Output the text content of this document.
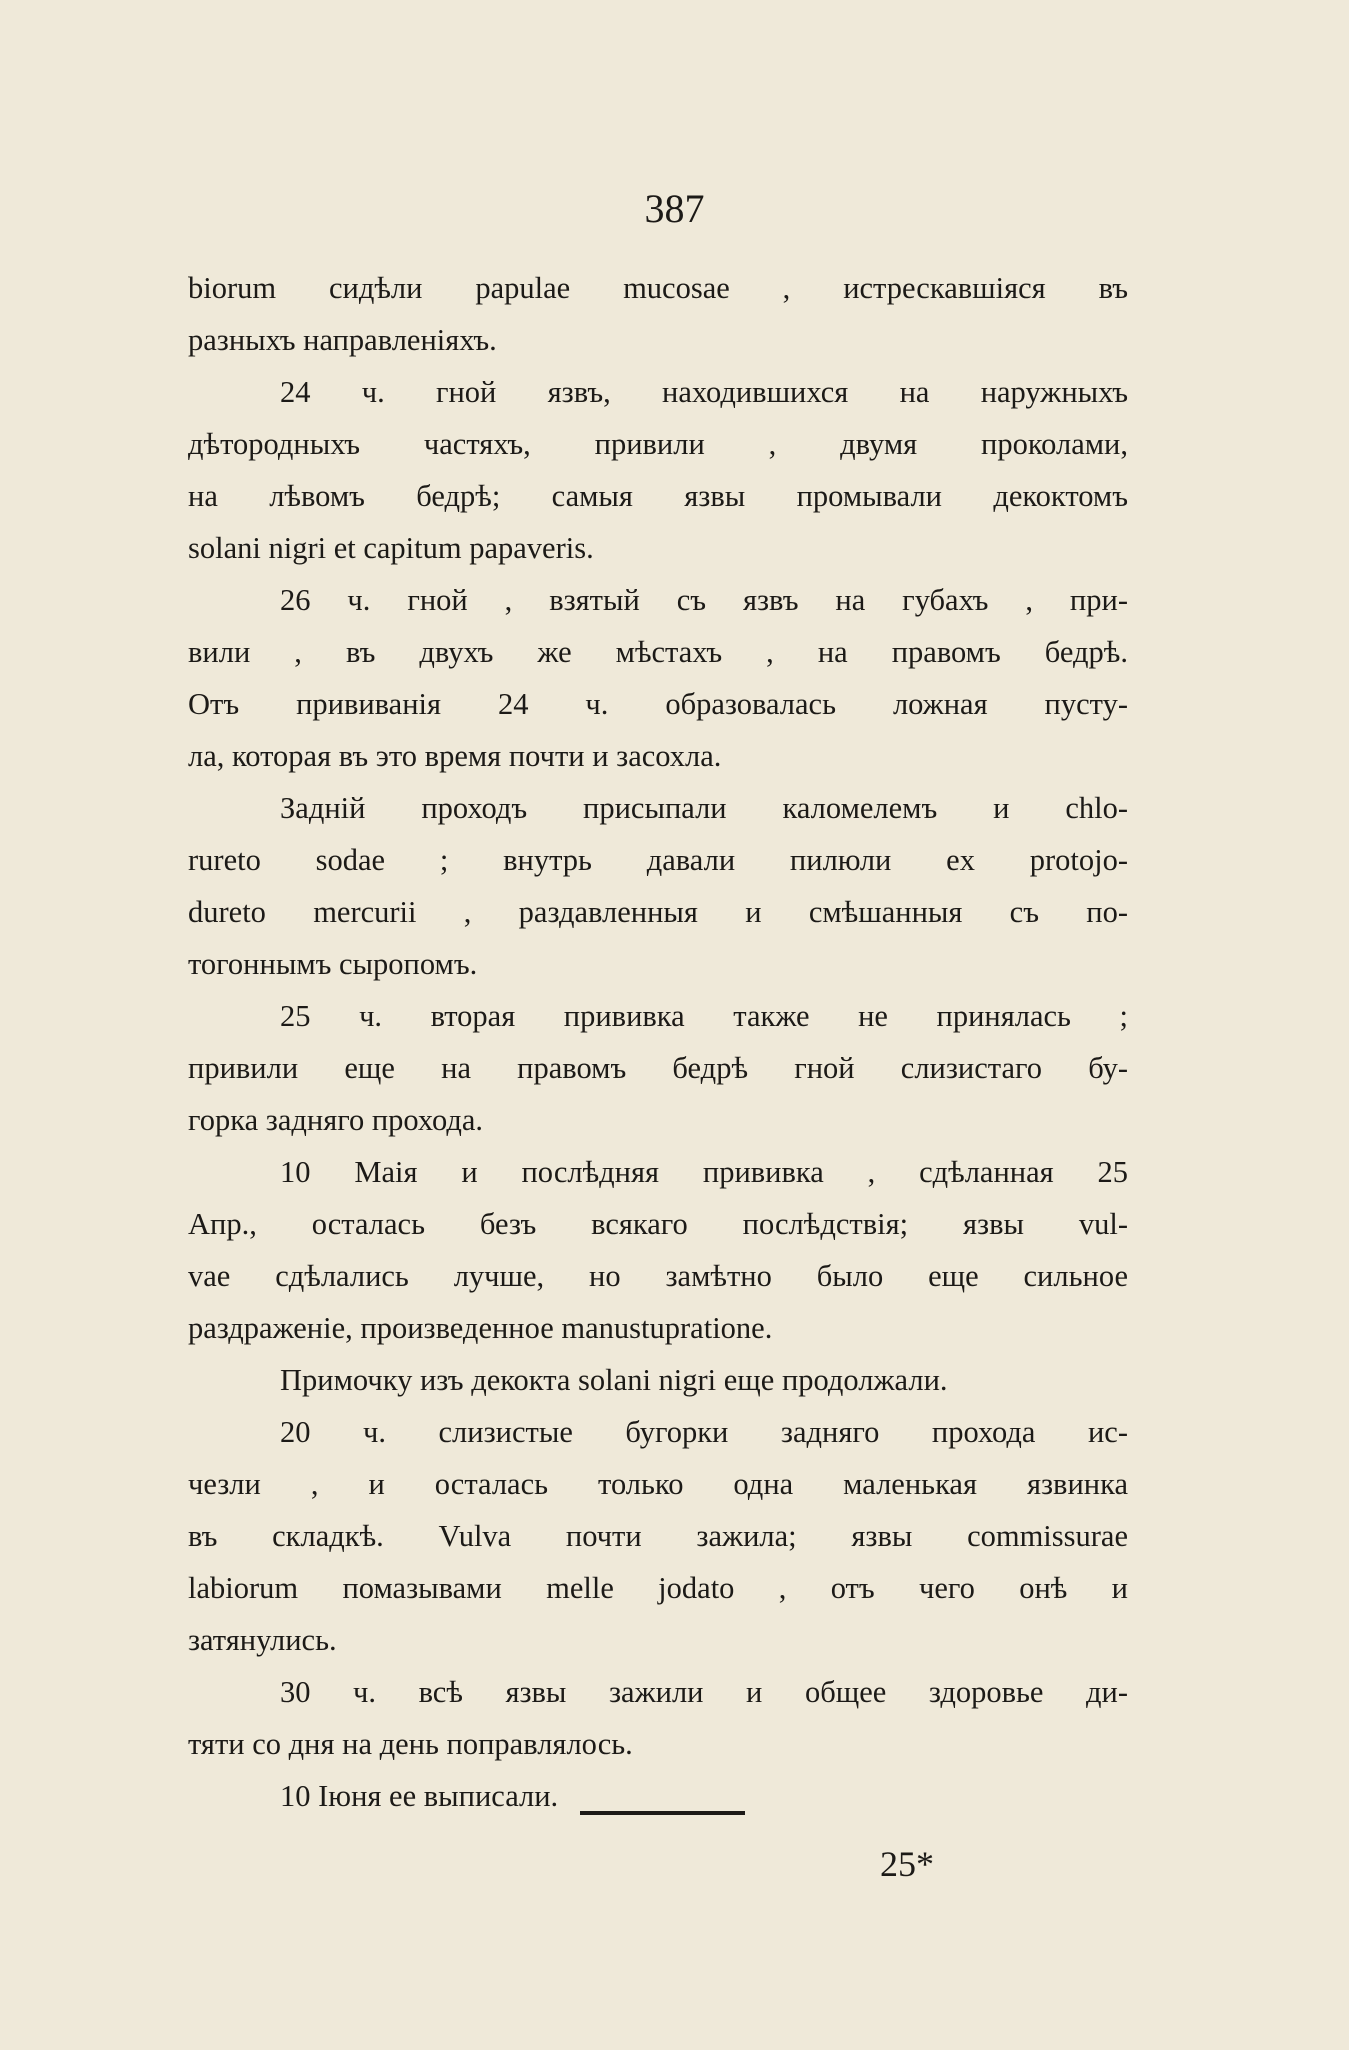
387
biorum сидѣли papulae mucosae , истрескавшіяся въ
разныхъ направленіяхъ.
24 ч. гной язвъ, находившихся на наружныхъ
дѣтородныхъ частяхъ, привили , двумя проколами,
на лѣвомъ бедрѣ; самыя язвы промывали декоктомъ
solani nigri et capitum papaveris.
26 ч. гной , взятый съ язвъ на губахъ , при-
вили , въ двухъ же мѣстахъ , на правомъ бедрѣ.
Отъ прививанія 24 ч. образовалась ложная пусту-
ла, которая въ это время почти и засохла.
Задній проходъ присыпали каломелемъ и chlo-
rureto sodae ; внутрь давали пилюли ex protojo-
dureto mercurii , раздавленныя и смѣшанныя съ по-
тогоннымъ сыропомъ.
25 ч. вторая прививка также не принялась ;
привили еще на правомъ бедрѣ гной слизистаго бу-
горка задняго прохода.
10 Маія и послѣдняя прививка , сдѣланная 25
Апр., осталась безъ всякаго послѣдствія; язвы vul-
vae сдѣлались лучше, но замѣтно было еще сильное
раздраженіе, произведенное manustupratione.
Примочку изъ декокта solani nigri еще продолжали.
20 ч. слизистые бугорки задняго прохода ис-
чезли , и осталась только одна маленькая язвинка
въ складкѣ. Vulva почти зажила; язвы commissurae
labiorum помазывами melle jodato , отъ чего онѣ и
затянулись.
30 ч. всѣ язвы зажили и общее здоровье ди-
тяти со дня на день поправлялось.
10 Іюня ее выписали.
25*
